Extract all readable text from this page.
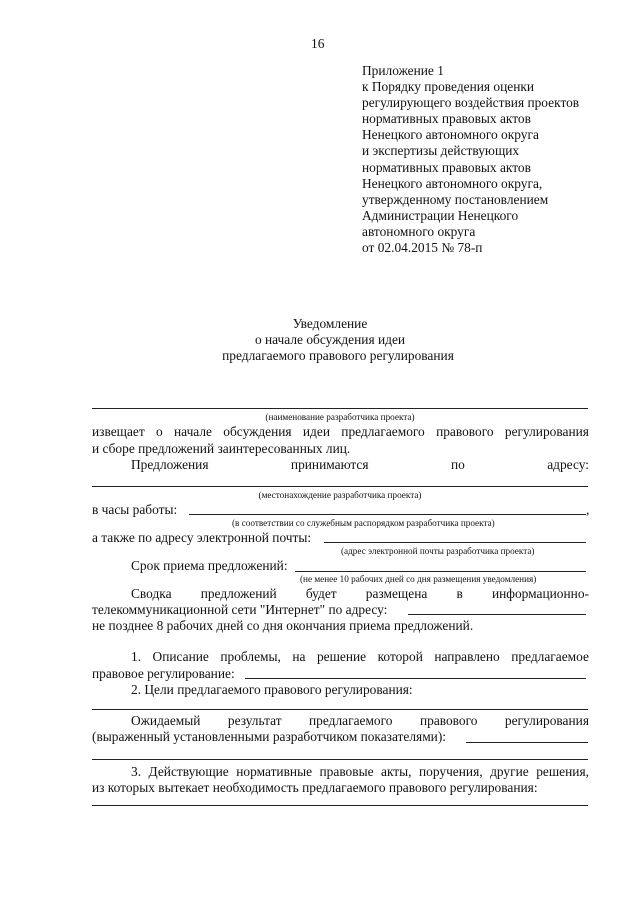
16
Приложение 1
к Порядку проведения оценки
регулирующего воздействия проектов
нормативных правовых актов
Ненецкого автономного округа
и экспертизы действующих
нормативных правовых актов
Ненецкого автономного округа,
утвержденному постановлением
Администрации Ненецкого
автономного округа
от 02.04.2015 № 78-п
Уведомление
о начале обсуждения идеи
предлагаемого правового регулирования
(наименование разработчика проекта)
извещает о начале обсуждения идеи предлагаемого правового регулирования
и сборе предложений заинтересованных лиц.
Предложения	принимаются	по	адресу:
(местонахождение разработчика проекта)
в часы работы:	,
(в соответствии со служебным распорядком разработчика проекта)
а также по адресу электронной почты:
(адрес электронной почты разработчика проекта)
Срок приема предложений:
(не менее 10 рабочих дней со дня размещения уведомления)
Сводка предложений будет размещена в информационно-
телекоммуникационной сети "Интернет" по адресу:
не позднее 8 рабочих дней со дня окончания приема предложений.
1. Описание проблемы, на решение которой направлено предлагаемое
правовое регулирование:
2. Цели предлагаемого правового регулирования:
Ожидаемый результат предлагаемого правового регулирования
(выраженный установленными разработчиком показателями):
3. Действующие нормативные правовые акты, поручения, другие решения,
из которых вытекает необходимость предлагаемого правового регулирования:
